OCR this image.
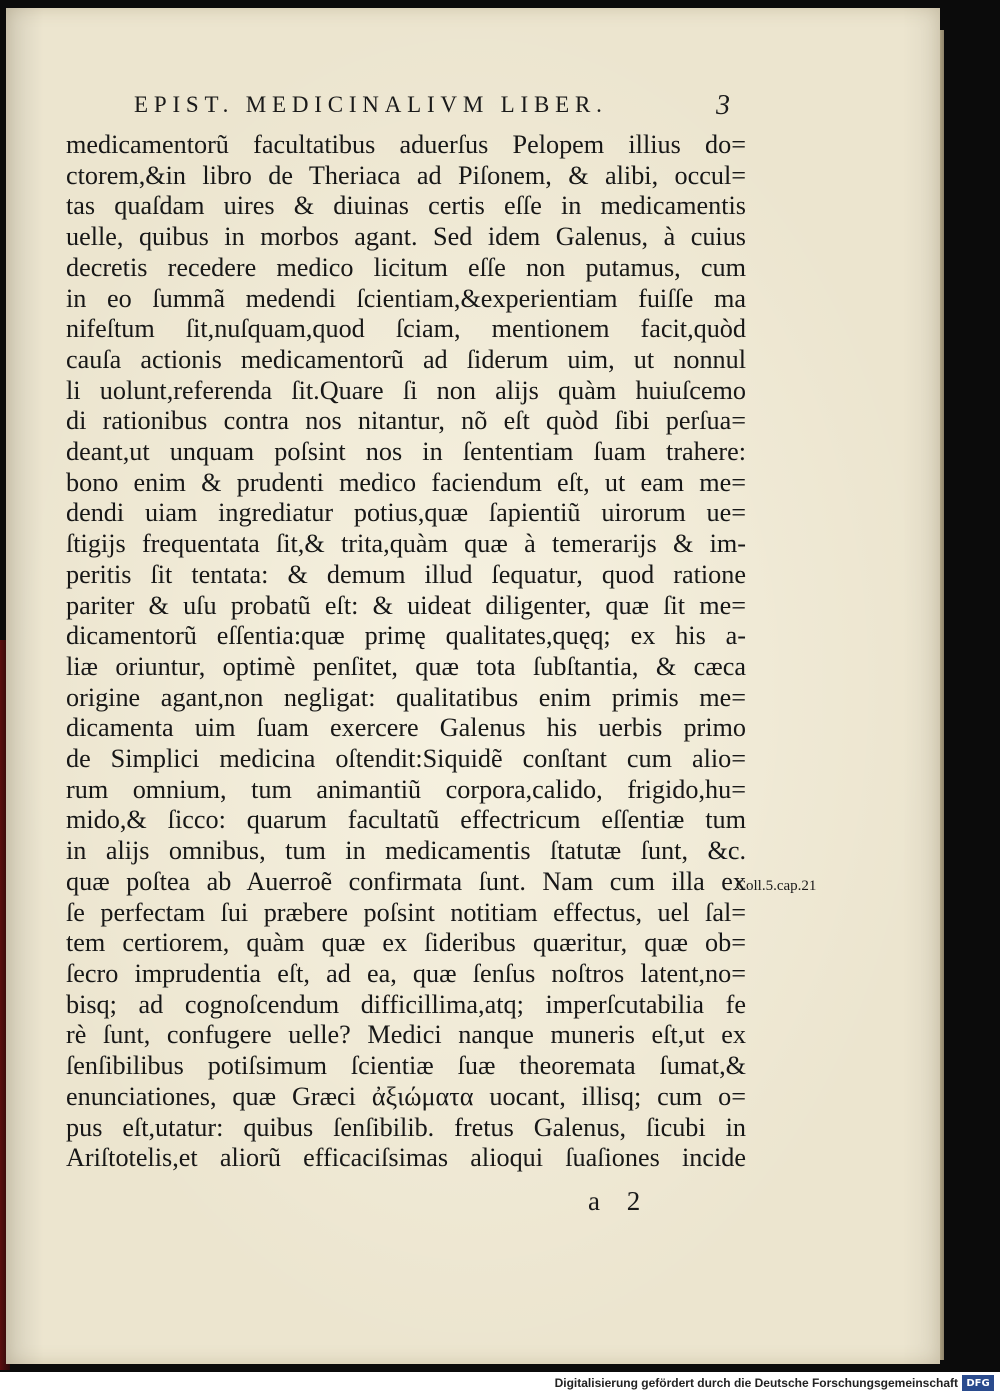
EPIST. MEDICINALIVM LIBER.	3
medicamentorũ facultatibus aduerſus Pelopem illius do=
ctorem,&in libro de Theriaca ad Piſonem, & alibi, occul=
tas quaſdam uires & diuinas certis eſſe in medicamentis
uelle, quibus in morbos agant. Sed idem Galenus, à cuius
decretis recedere medico licitum eſſe non putamus, cum
in eo ſummã medendi ſcientiam,&experientiam fuiſſe ma
nifeſtum ſit,nuſquam,quod ſciam, mentionem facit,quòd
cauſa actionis medicamentorũ ad ſiderum uim, ut nonnul
li uolunt,referenda ſit.Quare ſi non alijs quàm huiuſcemo
di rationibus contra nos nitantur, nõ eſt quòd ſibi perſua=
deant,ut unquam poſsint nos in ſententiam ſuam trahere:
bono enim & prudenti medico faciendum eſt, ut eam me=
dendi uiam ingrediatur potius,quæ ſapientiũ uirorum ue=
ſtigijs frequentata ſit,& trita,quàm quæ à temerarijs & im-
peritis ſit tentata: & demum illud ſequatur, quod ratione
pariter & uſu probatũ eſt: & uideat diligenter, quæ ſit me=
dicamentorũ eſſentia:quæ primę qualitates,quęq; ex his a-
liæ oriuntur, optimè penſitet, quæ tota ſubſtantia, & cæca
origine agant,non negligat: qualitatibus enim primis me=
dicamenta uim ſuam exercere Galenus his uerbis primo
de Simplici medicina oſtendit:Siquidẽ conſtant cum alio=
rum omnium, tum animantiũ corpora,calido, frigido,hu=
mido,& ſicco: quarum facultatũ effectricum eſſentiæ tum
in alijs omnibus, tum in medicamentis ſtatutæ ſunt, &c.
quæ poſtea ab Auerroẽ confirmata ſunt. Nam cum illa ex
ſe perfectam ſui præbere poſsint notitiam effectus, uel ſal=
tem certiorem, quàm quæ ex ſideribus quæritur, quæ ob=
ſecro imprudentia eſt, ad ea, quæ ſenſus noſtros latent,no=
bisq; ad cognoſcendum difficillima,atq; imperſcutabilia fe
rè ſunt, confugere uelle? Medici nanque muneris eſt,ut ex
ſenſibilibus potiſsimum ſcientiæ ſuæ theoremata ſumat,&
enunciationes, quæ Græci ἀξιώματα uocant, illisq; cum o=
pus eſt,utatur: quibus ſenſibilib. fretus Galenus, ſicubi in
Ariſtotelis,et aliorũ efficaciſsimas alioqui ſuaſiones incide
Coll.5.cap.21
a 2
Digitalisierung gefördert durch die Deutsche Forschungsgemeinschaft DFG
